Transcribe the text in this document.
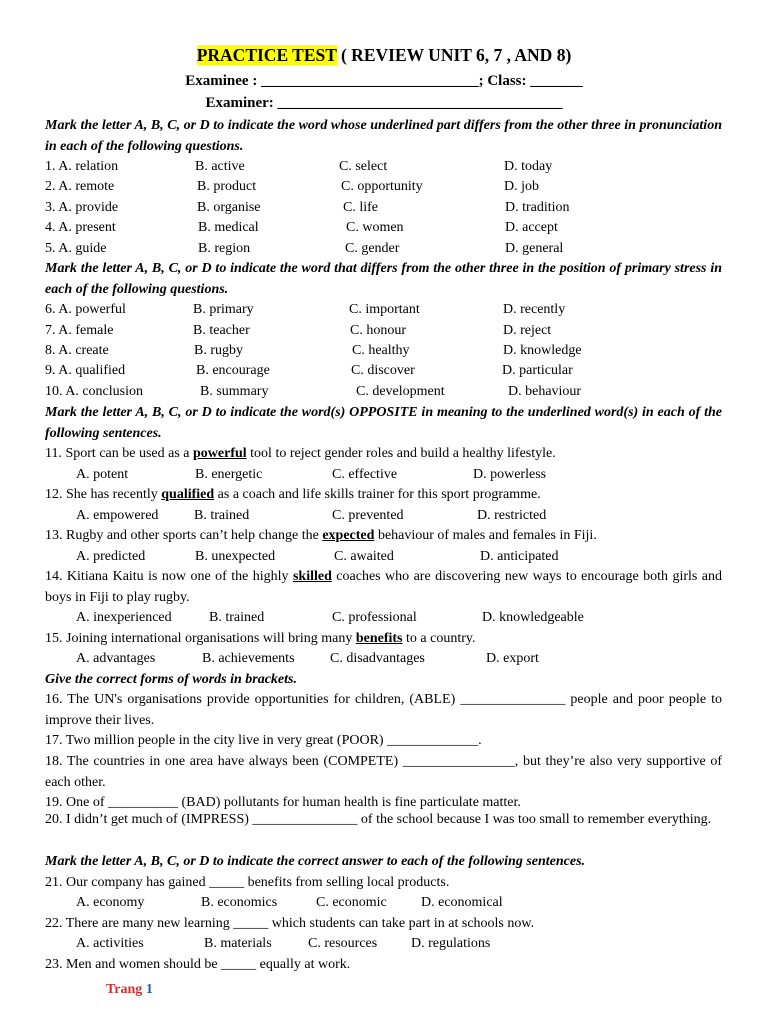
PRACTICE TEST ( REVIEW UNIT 6, 7 , AND 8)
Examinee : _____________________________; Class: _______
Examiner: ______________________________________
Mark the letter A, B, C, or D to indicate the word whose underlined part differs from the other three in pronunciation in each of the following questions.
1. A. relation	B. active	C. select	D. today
2. A. remote	B. product	C. opportunity	D. job
3. A. provide	B. organise	C. life	D. tradition
4. A. present	B. medical	C. women	D. accept
5. A. guide	B. region	C. gender	D. general
Mark the letter A, B, C, or D to indicate the word that differs from the other three in the position of primary stress in each of the following questions.
6. A. powerful	B. primary	C. important	D. recently
7. A. female	B. teacher	C. honour	D. reject
8. A. create	B. rugby	C. healthy	D. knowledge
9. A. qualified	B. encourage	C. discover	D. particular
10. A. conclusion	B. summary	C. development	D. behaviour
Mark the letter A, B, C, or D to indicate the word(s) OPPOSITE in meaning to the underlined word(s) in each of the following sentences.
11. Sport can be used as a powerful tool to reject gender roles and build a healthy lifestyle.
A. potent	B. energetic	C. effective	D. powerless
12. She has recently qualified as a coach and life skills trainer for this sport programme.
A. empowered	B. trained	C. prevented	D. restricted
13. Rugby and other sports can’t help change the expected behaviour of males and females in Fiji.
A. predicted	B. unexpected	C. awaited	D. anticipated
14. Kitiana Kaitu is now one of the highly skilled coaches who are discovering new ways to encourage both girls and boys in Fiji to play rugby.
A. inexperienced	B. trained	C. professional	D. knowledgeable
15. Joining international organisations will bring many benefits to a country.
A. advantages	B. achievements	C. disadvantages	D. export
Give the correct forms of words in brackets.
16. The UN's organisations provide opportunities for children, (ABLE) _______________ people and poor people to improve their lives.
17. Two million people in the city live in very great (POOR) _____________.
18. The countries in one area have always been (COMPETE) ________________, but they’re also very supportive of each other.
19. One of __________ (BAD) pollutants for human health is fine particulate matter.
20. I didn’t get much of (IMPRESS) _______________ of the school because I was too small to remember everything.
Mark the letter A, B, C, or D to indicate the correct answer to each of the following sentences.
21. Our company has gained _____ benefits from selling local products.
A. economy	B. economics	C. economic D. economical
22. There are many new learning _____ which students can take part in at schools now.
A. activities	B. materials	C. resources D. regulations
23. Men and women should be _____ equally at work.
Trang 1
